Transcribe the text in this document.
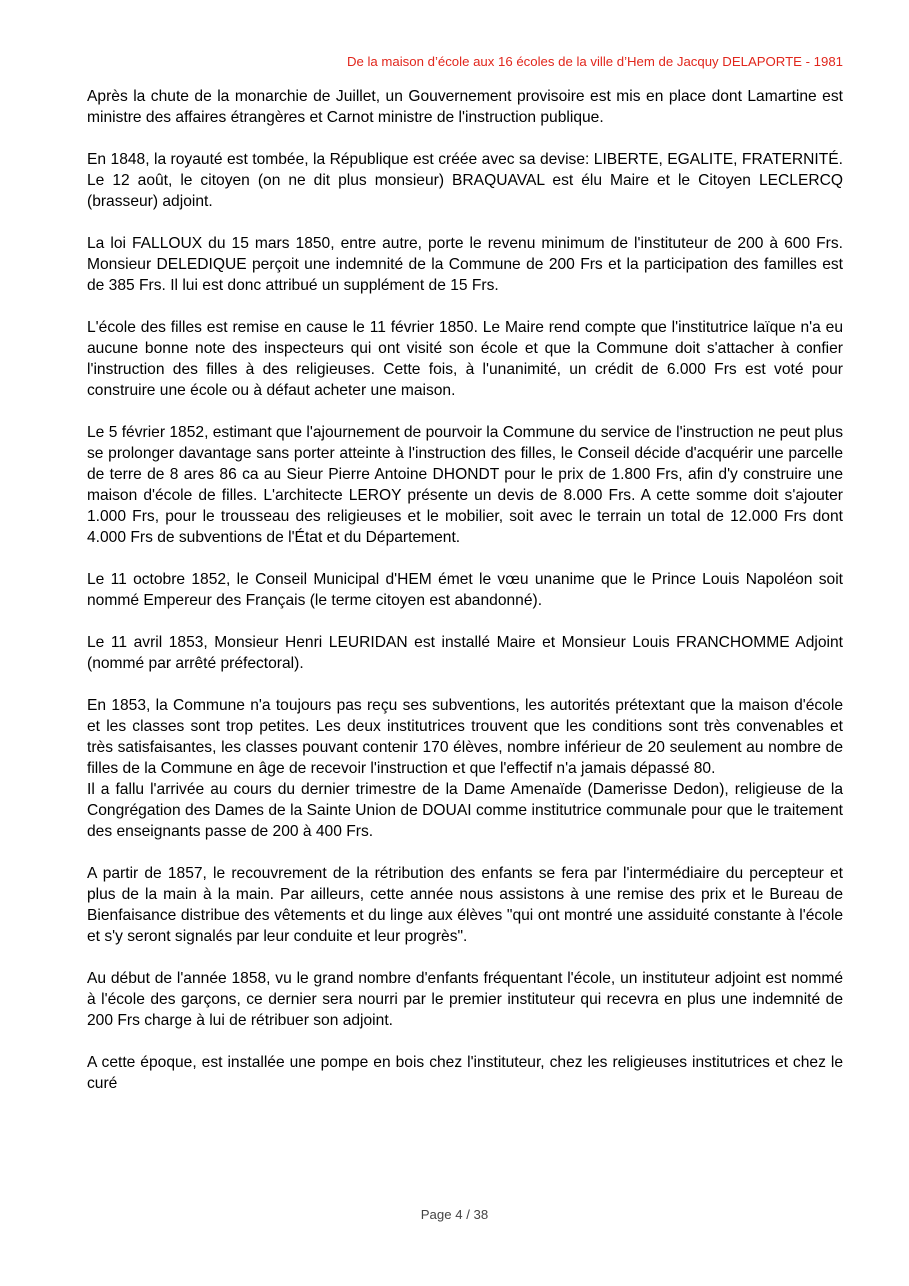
De la maison d’école aux 16 écoles de la ville d’Hem de Jacquy DELAPORTE - 1981

Après la chute de la monarchie de Juillet, un Gouvernement provisoire est mis en place dont Lamartine est ministre des affaires étrangères et Carnot ministre de l'instruction publique.

En 1848, la royauté est tombée, la République est créée avec sa devise: LIBERTE, EGALITE, FRATERNITÉ. Le 12 août, le citoyen (on ne dit plus monsieur) BRAQUAVAL est élu Maire et le Citoyen LECLERCQ (brasseur) adjoint.

La loi FALLOUX du 15 mars 1850, entre autre, porte le revenu minimum de l'instituteur de 200 à 600 Frs. Monsieur DELEDIQUE perçoit une indemnité de la Commune de 200 Frs et la participation des familles est de 385 Frs. Il lui est donc attribué un supplément de 15 Frs.

L'école des filles est remise en cause le 11 février 1850. Le Maire rend compte que l'institutrice laïque n'a eu aucune bonne note des inspecteurs qui ont visité son école et que la Commune doit s'attacher à confier l'instruction des filles à des religieuses. Cette fois, à l'unanimité, un crédit de 6.000 Frs est voté pour construire une école ou à défaut acheter une maison.

Le 5 février 1852, estimant que l'ajournement de pourvoir la Commune du service de l'instruction ne peut plus se prolonger davantage sans porter atteinte à l'instruction des filles, le Conseil décide d'acquérir une parcelle de terre de 8 ares 86 ca au Sieur Pierre Antoine DHONDT pour le prix de 1.800 Frs, afin d'y construire une maison d'école de filles. L'architecte LEROY présente un devis de 8.000 Frs. A cette somme doit s'ajouter 1.000 Frs, pour le trousseau des religieuses et le mobilier, soit avec le terrain un total de 12.000 Frs dont 4.000 Frs de subventions de l'État et du Département.

Le 11 octobre 1852, le Conseil Municipal d'HEM émet le vœu unanime que le Prince Louis Napoléon soit nommé Empereur des Français (le terme citoyen est abandonné).

Le 11 avril 1853, Monsieur Henri LEURIDAN est installé Maire et Monsieur Louis FRANCHOMME Adjoint (nommé par arrêté préfectoral).

En 1853, la Commune n'a toujours pas reçu ses subventions, les autorités prétextant que la maison d'école et les classes sont trop petites. Les deux institutrices trouvent que les conditions sont très convenables et très satisfaisantes, les classes pouvant contenir 170 élèves, nombre inférieur de 20 seulement au nombre de filles de la Commune en âge de recevoir l'instruction et que l'effectif n'a jamais dépassé 80.
Il a fallu l'arrivée au cours du dernier trimestre de la Dame Amenaïde (Damerisse Dedon), religieuse de la Congrégation des Dames de la Sainte Union de DOUAI comme institutrice communale pour que le traitement des enseignants passe de 200 à 400 Frs.

A partir de 1857, le recouvrement de la rétribution des enfants se fera par l'intermédiaire du percepteur et plus de la main à la main. Par ailleurs, cette année nous assistons à une remise des prix et le Bureau de Bienfaisance distribue des vêtements et du linge aux élèves "qui ont montré une assiduité constante à l'école et s'y seront signalés par leur conduite et leur progrès".

Au début de l'année 1858, vu le grand nombre d'enfants fréquentant l'école, un instituteur adjoint est nommé à l'école des garçons, ce dernier sera nourri par le premier instituteur qui recevra en plus une indemnité de 200 Frs charge à lui de rétribuer son adjoint.

A cette époque, est installée une pompe en bois chez l'instituteur, chez les religieuses institutrices et chez le curé

Page 4 / 38
